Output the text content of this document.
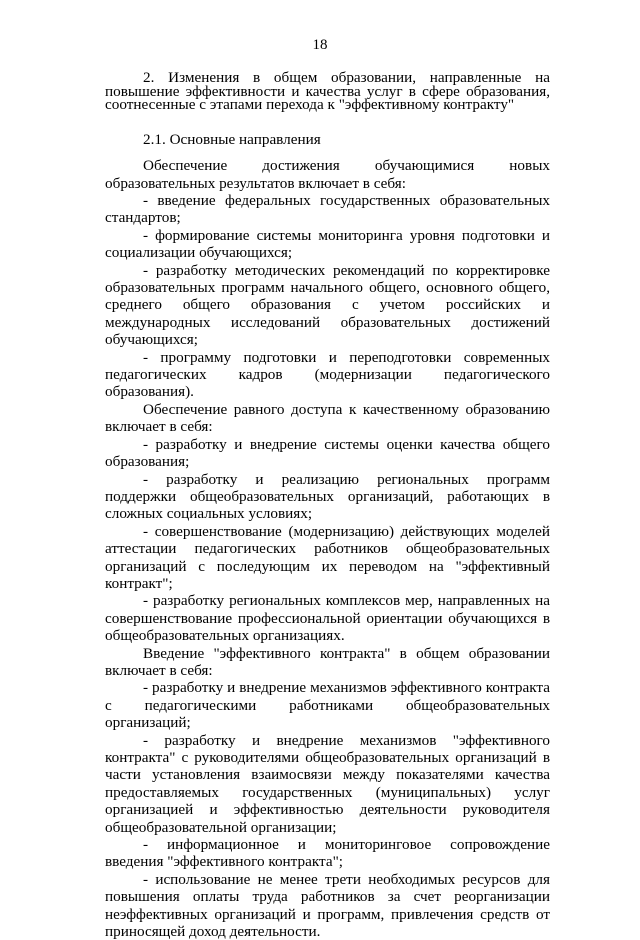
18

2. Изменения в общем образовании, направленные на повышение эффективности и качества услуг в сфере образования, соотнесенные с этапами перехода к "эффективному контракту"

2.1. Основные направления

Обеспечение достижения обучающимися новых образовательных результатов включает в себя:

- введение федеральных государственных образовательных стандартов;

- формирование системы мониторинга уровня подготовки и социализации обучающихся;

- разработку методических рекомендаций по корректировке образовательных программ начального общего, основного общего, среднего общего образования с учетом российских и международных исследований образовательных достижений обучающихся;

- программу подготовки и переподготовки современных педагогических кадров (модернизации педагогического образования).

Обеспечение равного доступа к качественному образованию включает в себя:

- разработку и внедрение системы оценки качества общего образования;

- разработку и реализацию региональных программ поддержки общеобразовательных организаций, работающих в сложных социальных условиях;

- совершенствование (модернизацию) действующих моделей аттестации педагогических работников общеобразовательных организаций с последующим их переводом на "эффективный контракт";

- разработку региональных комплексов мер, направленных на совершенствование профессиональной ориентации обучающихся в общеобразовательных организациях.

Введение "эффективного контракта" в общем образовании включает в себя:

- разработку и внедрение механизмов эффективного контракта с педагогическими работниками общеобразовательных организаций;

- разработку и внедрение механизмов "эффективного контракта" с руководителями общеобразовательных организаций в части установления взаимосвязи между показателями качества предоставляемых государственных (муниципальных) услуг организацией и эффективностью деятельности руководителя общеобразовательной организации;

- информационное и мониторинговое сопровождение введения "эффективного контракта";

- использование не менее трети необходимых ресурсов для повышения оплаты труда работников за счет реорганизации неэффективных организаций и программ, привлечения средств от приносящей доход деятельности.
